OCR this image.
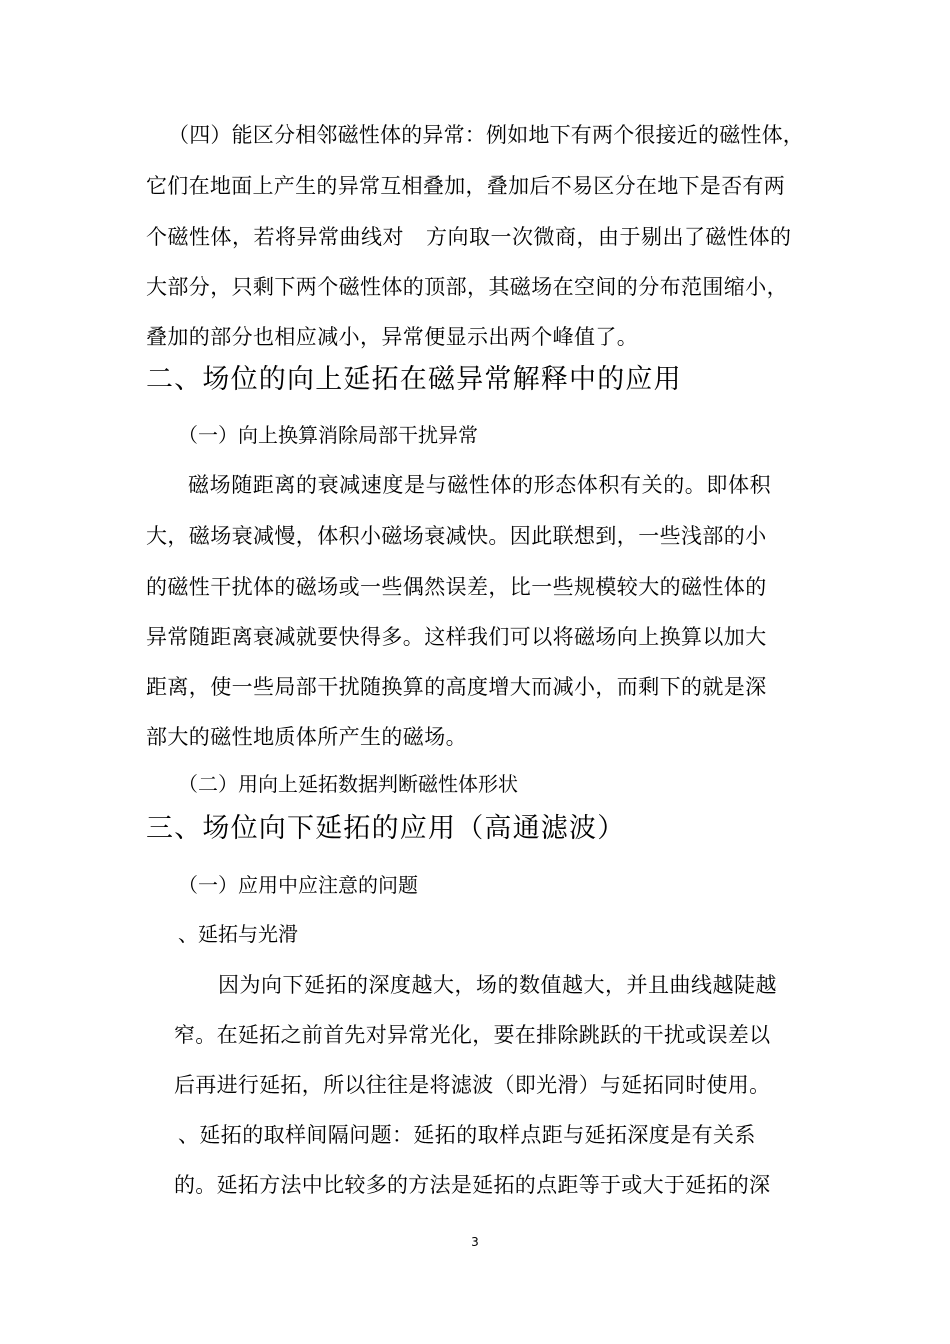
（四）能区分相邻磁性体的异常：例如地下有两个很接近的磁性体，
它们在地面上产生的异常互相叠加，叠加后不易区分在地下是否有两
个磁性体，若将异常曲线对 方向取一次微商，由于剔出了磁性体的
大部分，只剩下两个磁性体的顶部，其磁场在空间的分布范围缩小，
叠加的部分也相应减小，异常便显示出两个峰值了。
二、场位的向上延拓在磁异常解释中的应用
（一）向上换算消除局部干扰异常
磁场随距离的衰减速度是与磁性体的形态体积有关的。即体积
大，磁场衰减慢，体积小磁场衰减快。因此联想到，一些浅部的小
的磁性干扰体的磁场或一些偶然误差，比一些规模较大的磁性体的
异常随距离衰减就要快得多。这样我们可以将磁场向上换算以加大
距离，使一些局部干扰随换算的高度增大而减小，而剩下的就是深
部大的磁性地质体所产生的磁场。
（二）用向上延拓数据判断磁性体形状
三、场位向下延拓的应用（高通滤波）
（一）应用中应注意的问题
、延拓与光滑
因为向下延拓的深度越大，场的数值越大，并且曲线越陡越
窄。在延拓之前首先对异常光化，要在排除跳跃的干扰或误差以
后再进行延拓，所以往往是将滤波（即光滑）与延拓同时使用。
、延拓的取样间隔问题：延拓的取样点距与延拓深度是有关系
的。延拓方法中比较多的方法是延拓的点距等于或大于延拓的深
3
